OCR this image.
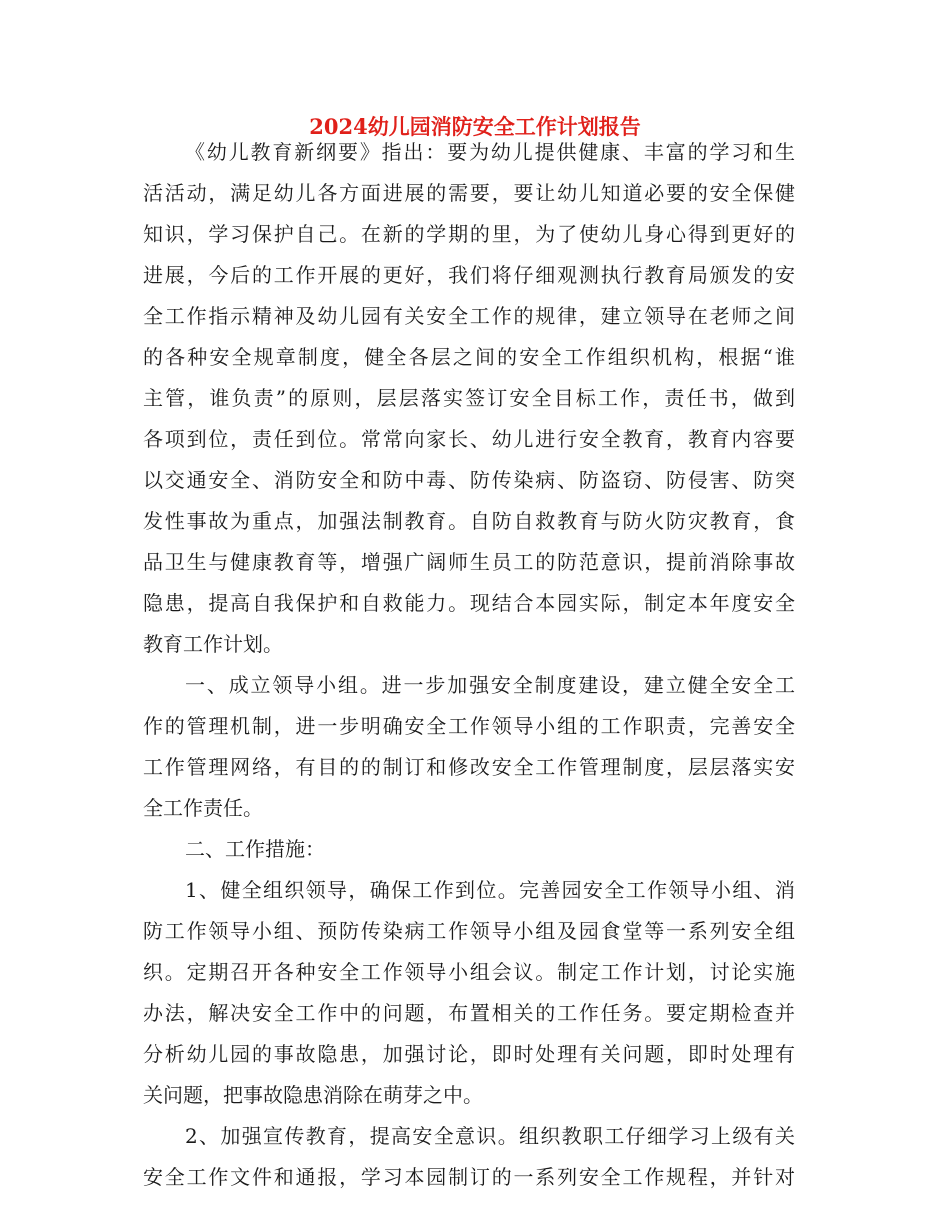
2024幼儿园消防安全工作计划报告
《幼儿教育新纲要》指出：要为幼儿提供健康、丰富的学习和生
活活动，满足幼儿各方面进展的需要，要让幼儿知道必要的安全保健
知识，学习保护自己。在新的学期的里，为了使幼儿身心得到更好的
进展，今后的工作开展的更好，我们将仔细观测执行教育局颁发的安
全工作指示精神及幼儿园有关安全工作的规律，建立领导在老师之间
的各种安全规章制度，健全各层之间的安全工作组织机构，根据“谁
主管，谁负责”的原则，层层落实签订安全目标工作，责任书，做到
各项到位，责任到位。常常向家长、幼儿进行安全教育，教育内容要
以交通安全、消防安全和防中毒、防传染病、防盗窃、防侵害、防突
发性事故为重点，加强法制教育。自防自救教育与防火防灾教育，食
品卫生与健康教育等，增强广阔师生员工的防范意识，提前消除事故
隐患，提高自我保护和自救能力。现结合本园实际，制定本年度安全
教育工作计划。
一、成立领导小组。进一步加强安全制度建设，建立健全安全工
作的管理机制，进一步明确安全工作领导小组的工作职责，完善安全
工作管理网络，有目的的制订和修改安全工作管理制度，层层落实安
全工作责任。
二、工作措施：
1、健全组织领导，确保工作到位。完善园安全工作领导小组、消
防工作领导小组、预防传染病工作领导小组及园食堂等一系列安全组
织。定期召开各种安全工作领导小组会议。制定工作计划，讨论实施
办法，解决安全工作中的问题，布置相关的工作任务。要定期检查并
分析幼儿园的事故隐患，加强讨论，即时处理有关问题，即时处理有
关问题，把事故隐患消除在萌芽之中。
2、加强宣传教育，提高安全意识。组织教职工仔细学习上级有关
安全工作文件和通报，学习本园制订的一系列安全工作规程，并针对
